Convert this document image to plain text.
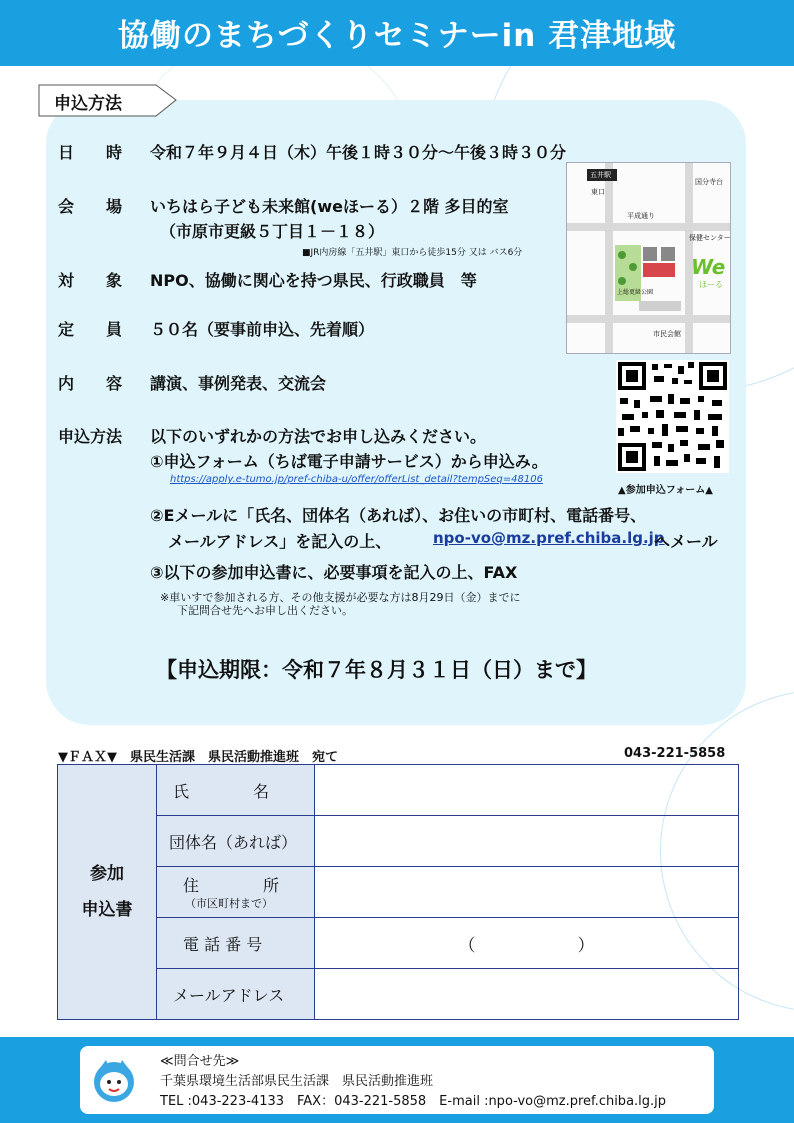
協働のまちづくりセミナーin 君津地域
申込方法
日　　時 令和７年９月４日（木）午後１時３０分～午後３時３０分
会　　場 いちはら子ども未来館(weほーる）２階 多目的室
（市原市更級５丁目１－１８）
■JR内房線「五井駅」東口から徒歩15分 又は バス6分
対　　象 NPO、協働に関心を持つ県民、行政職員　等
定　　員 ５０名（要事前申込、先着順）
内　　容 講演、事例発表、交流会
申込方法 以下のいずれかの方法でお申し込みください。
①申込フォーム（ちば電子申請サービス）から申込み。
https://apply.e-tumo.jp/pref-chiba-u/offer/offerList_detail?tempSeq=48106
②Eメールに「氏名、団体名（あれば）、お住いの市町村、電話番号、
メールアドレス」を記入の上、	npo-vo@mz.pref.chiba.lg.jp
へメール
③以下の参加申込書に、必要事項を記入の上、FAX
※車いすで参加される方、その他支援が必要な方は8月29日（金）までに
下記問合せ先へお申し出ください。
五井駅
東口
平成通り
市民会館
上総更級公園
保健センター
国分寺台
We
ほーる
▲参加申込フォーム▲
【申込期限：令和７年８月３１日（日）まで】
▼ＦＡＸ▼　県民生活課　県民活動推進班　宛て	043-221-5858
参加
申込書	氏　　　　名	

	団体名（あれば）	

	住　　　　所
（市区町村まで）	

	電 話 番 号	（　　　　　　）

	メールアドレス	

≪問合せ先≫
千葉県環境生活部県民生活課　県民活動推進班
TEL :043-223-4133　FAX：043-221-5858　E-mail :npo-vo@mz.pref.chiba.lg.jp
